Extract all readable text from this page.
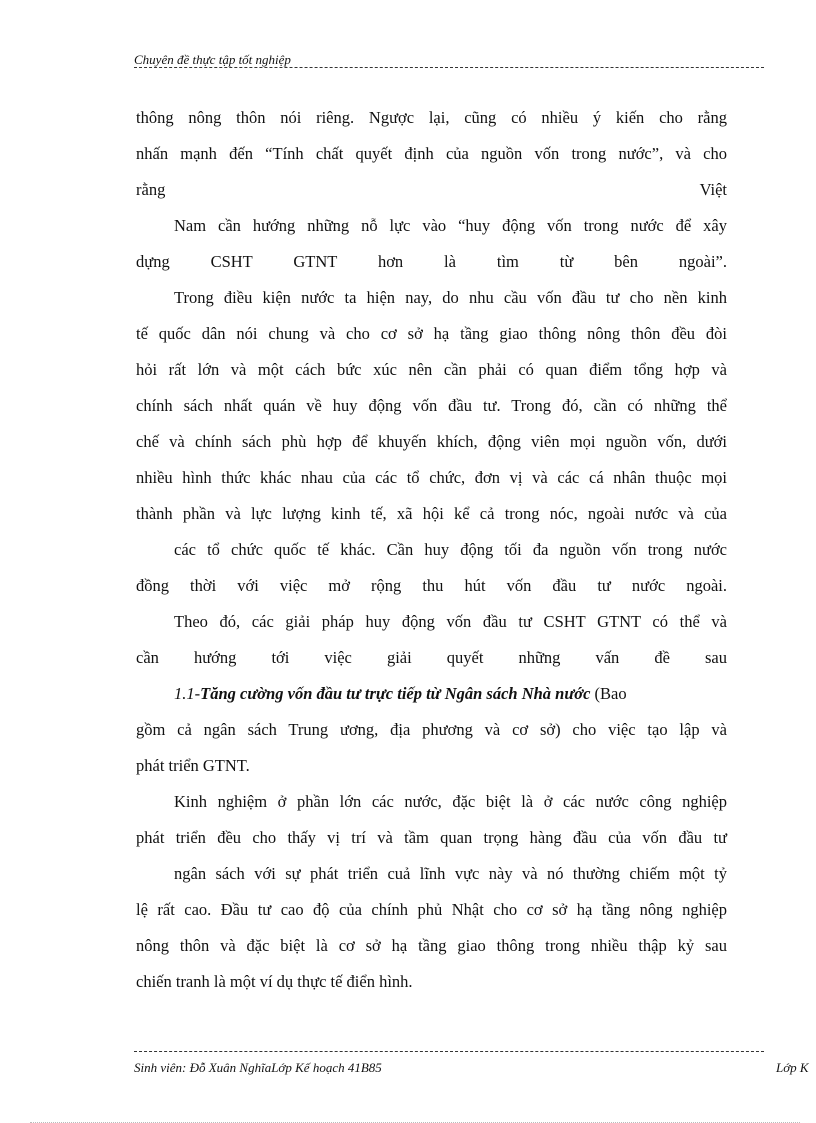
Chuyên đề thực tập tốt nghiệp
thông nông thôn nói riêng. Ngược lại, cũng có nhiều ý kiến cho rằng
nhấn mạnh đến “Tính chất quyết định của nguồn vốn trong nước”, và cho
rằng	Việt
Nam cần hướng những nỗ lực vào “huy động vốn trong nước để xây
dựng CSHT GTNT hơn là tìm từ bên ngoài”.
Trong điều kiện nước ta hiện nay, do nhu cầu vốn đầu tư cho nền kinh
tế quốc dân nói chung và cho cơ sở hạ tầng giao thông nông thôn đều đòi
hỏi rất lớn và một cách bức xúc nên cần phải có quan điểm tổng hợp và
chính sách nhất quán về huy động vốn đầu tư. Trong đó, cần có những thể
chế và chính sách phù hợp để khuyến khích, động viên mọi nguồn vốn, dưới
nhiều hình thức khác nhau của các tổ chức, đơn vị và các cá nhân thuộc mọi
thành phần và lực lượng kinh tế, xã hội kể cả trong nóc, ngoài nước và của
các tổ chức quốc tế khác. Cần huy động tối đa nguồn vốn trong nước
đồng thời với việc mở rộng thu hút vốn đầu tư nước ngoài.
Theo đó, các giải pháp huy động vốn đầu tư CSHT GTNT có thể và
cần hướng tới việc giải quyết những vấn đề sau
1.1-Tăng cường vốn đầu tư trực tiếp từ Ngân sách Nhà nước (Bao
gồm cả ngân sách Trung ương, địa phương và cơ sở) cho việc tạo lập và
phát triển GTNT.
Kinh nghiệm ở phần lớn các nước, đặc biệt là ở các nước công nghiệp
phát triển đều cho thấy vị trí và tầm quan trọng hàng đầu của vốn đầu tư
ngân sách với sự phát triển cuả lĩnh vực này và nó thường chiếm một tỷ
lệ rất cao. Đầu tư cao độ của chính phủ Nhật cho cơ sở hạ tầng nông nghiệp
nông thôn và đặc biệt là cơ sở hạ tầng giao thông trong nhiều thập kỷ sau
chiến tranh là một ví dụ thực tế điển hình.
Sinh viên: Đỗ Xuân NghĩaLớp Kế hoạch 41B85	Lớp K
